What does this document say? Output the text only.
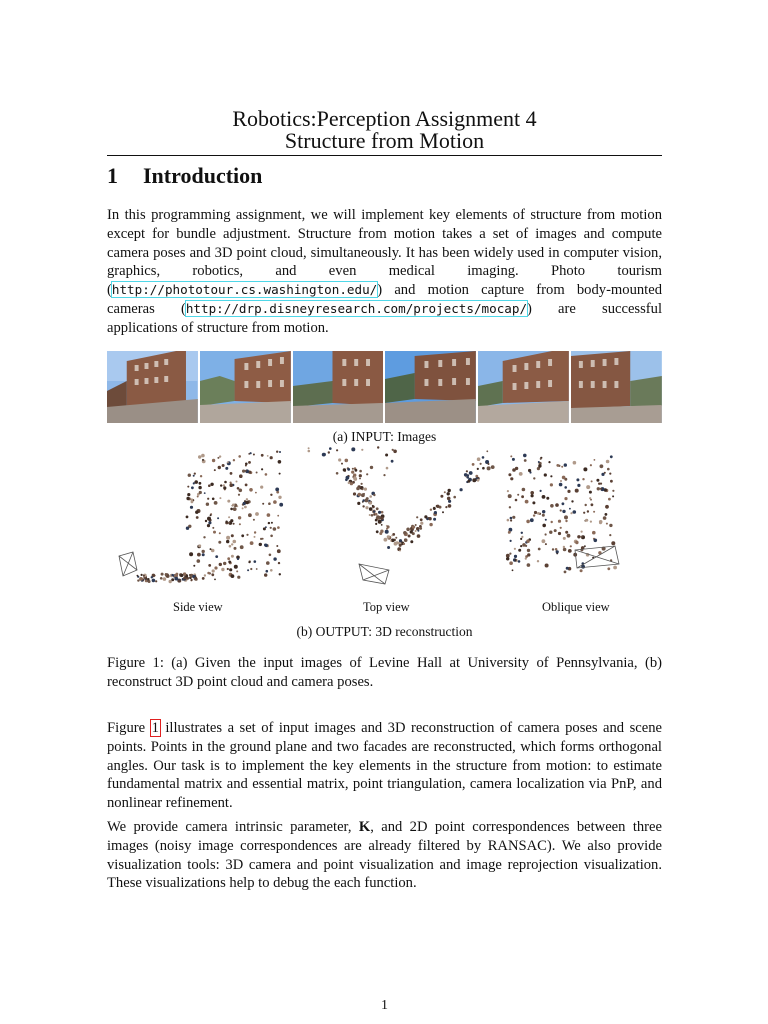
Robotics:Perception Assignment 4
Structure from Motion
1 Introduction

In this programming assignment, we will implement key elements of structure from motion except for bundle adjustment. Structure from motion takes a set of images and compute camera poses and 3D point cloud, simultaneously. It has been widely used in computer vision, graphics, robotics, and even medical imaging. Photo tourism (http://phototour.cs.washington.edu/) and motion capture from body-mounted cameras (http://drp.disneyresearch.com/projects/mocap/) are successful applications of structure from motion.

(a) INPUT: Images
Side view	Top view	Oblique view
(b) OUTPUT: 3D reconstruction

Figure 1: (a) Given the input images of Levine Hall at University of Pennsylvania, (b) reconstruct 3D point cloud and camera poses.

Figure 1 illustrates a set of input images and 3D reconstruction of camera poses and scene points. Points in the ground plane and two facades are reconstructed, which forms orthogonal angles. Our task is to implement the key elements in the structure from motion: to estimate fundamental matrix and essential matrix, point triangulation, camera localization via PnP, and nonlinear refinement.

We provide camera intrinsic parameter, K, and 2D point correspondences between three images (noisy image correspondences are already filtered by RANSAC). We also provide visualization tools: 3D camera and point visualization and image reprojection visualization. These visualizations help to debug the each function.

1
